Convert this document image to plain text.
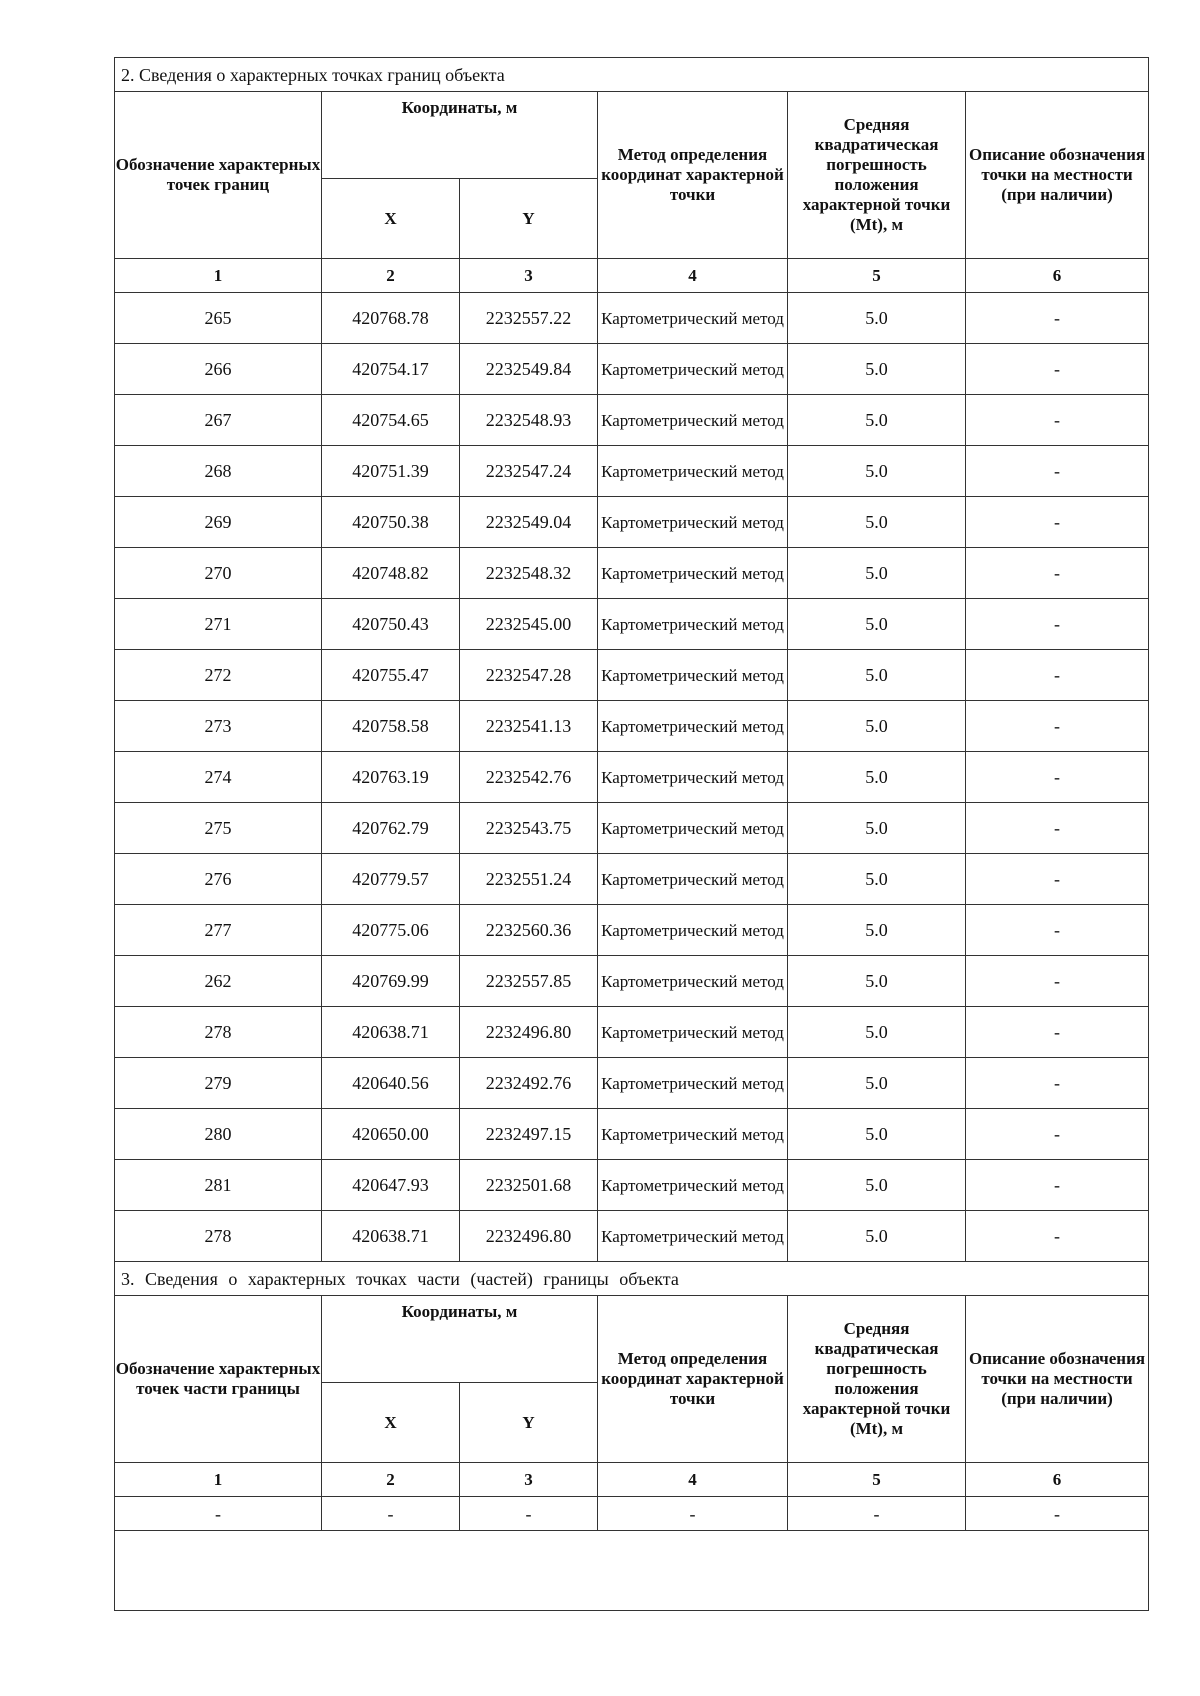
2. Сведения о характерных точках границ объекта					
Обозначение характерных точек границ	Координаты, м		Метод определения координат характерной точки	Средняя квадратическая погрешность положения характерной точки (Mt), м	Описание обозначения точки на местности (при наличии)
	X	Y			
1	2	3	4	5	6
265	420768.78	2232557.22	Картометрический метод	5.0	-
266	420754.17	2232549.84	Картометрический метод	5.0	-
267	420754.65	2232548.93	Картометрический метод	5.0	-
268	420751.39	2232547.24	Картометрический метод	5.0	-
269	420750.38	2232549.04	Картометрический метод	5.0	-
270	420748.82	2232548.32	Картометрический метод	5.0	-
271	420750.43	2232545.00	Картометрический метод	5.0	-
272	420755.47	2232547.28	Картометрический метод	5.0	-
273	420758.58	2232541.13	Картометрический метод	5.0	-
274	420763.19	2232542.76	Картометрический метод	5.0	-
275	420762.79	2232543.75	Картометрический метод	5.0	-
276	420779.57	2232551.24	Картометрический метод	5.0	-
277	420775.06	2232560.36	Картометрический метод	5.0	-
262	420769.99	2232557.85	Картометрический метод	5.0	-
278	420638.71	2232496.80	Картометрический метод	5.0	-
279	420640.56	2232492.76	Картометрический метод	5.0	-
280	420650.00	2232497.15	Картометрический метод	5.0	-
281	420647.93	2232501.68	Картометрический метод	5.0	-
278	420638.71	2232496.80	Картометрический метод	5.0	-
3. Сведения о характерных точках части (частей) границы объекта					
Обозначение характерных точек части границы	Координаты, м		Метод определения координат характерной точки	Средняя квадратическая погрешность положения характерной точки (Mt), м	Описание обозначения точки на местности (при наличии)
	X	Y			
1	2	3	4	5	6
-	-	-	-	-	-
